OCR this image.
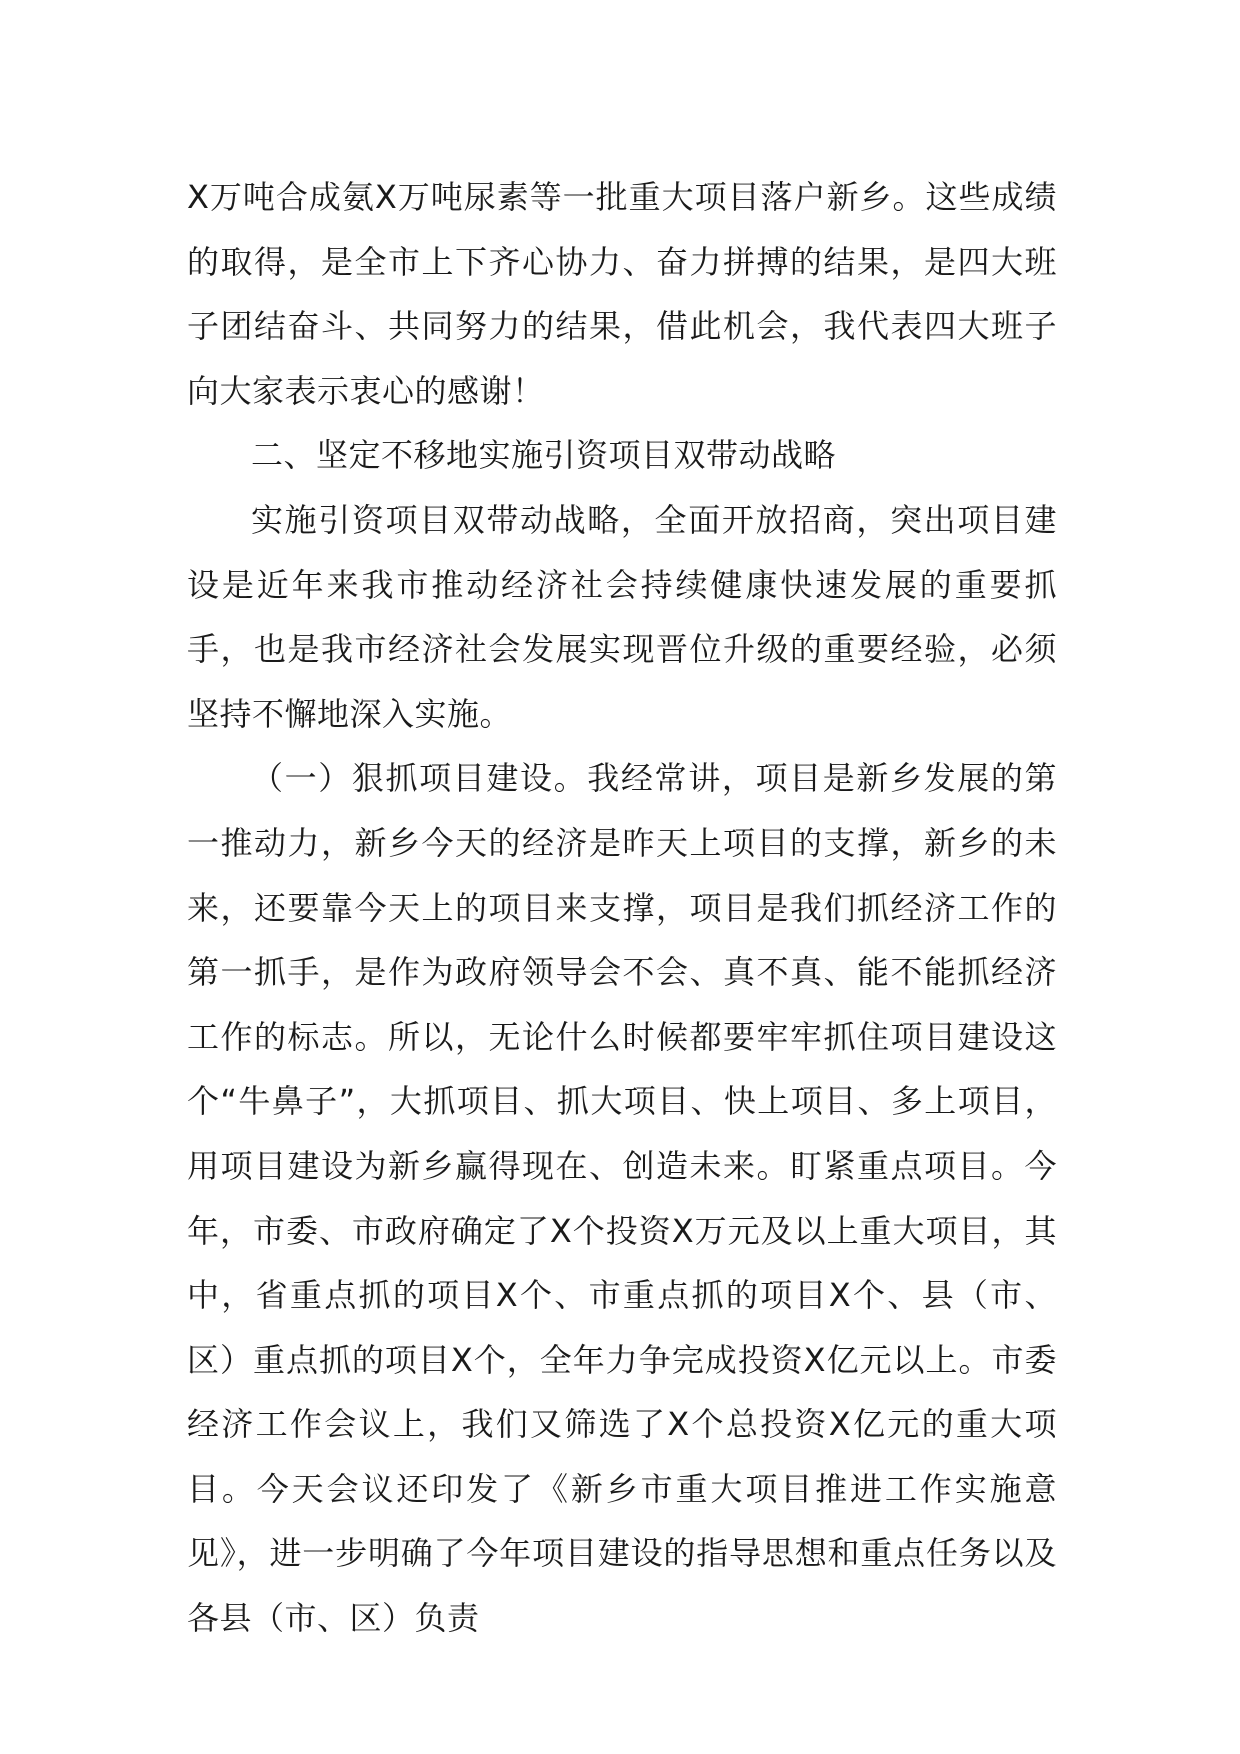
X万吨合成氨X万吨尿素等一批重大项目落户新乡。这些成绩的取得，是全市上下齐心协力、奋力拼搏的结果，是四大班子团结奋斗、共同努力的结果，借此机会，我代表四大班子向大家表示衷心的感谢！

二、坚定不移地实施引资项目双带动战略

实施引资项目双带动战略，全面开放招商，突出项目建设是近年来我市推动经济社会持续健康快速发展的重要抓手，也是我市经济社会发展实现晋位升级的重要经验，必须坚持不懈地深入实施。

（一）狠抓项目建设。我经常讲，项目是新乡发展的第一推动力，新乡今天的经济是昨天上项目的支撑，新乡的未来，还要靠今天上的项目来支撑，项目是我们抓经济工作的第一抓手，是作为政府领导会不会、真不真、能不能抓经济工作的标志。所以，无论什么时候都要牢牢抓住项目建设这个“牛鼻子”，大抓项目、抓大项目、快上项目、多上项目，用项目建设为新乡赢得现在、创造未来。盯紧重点项目。今年，市委、市政府确定了X个投资X万元及以上重大项目，其中，省重点抓的项目X个、市重点抓的项目X个、县（市、区）重点抓的项目X个，全年力争完成投资X亿元以上。市委经济工作会议上，我们又筛选了X个总投资X亿元的重大项目。今天会议还印发了《新乡市重大项目推进工作实施意见》，进一步明确了今年项目建设的指导思想和重点任务以及各县（市、区）负责
